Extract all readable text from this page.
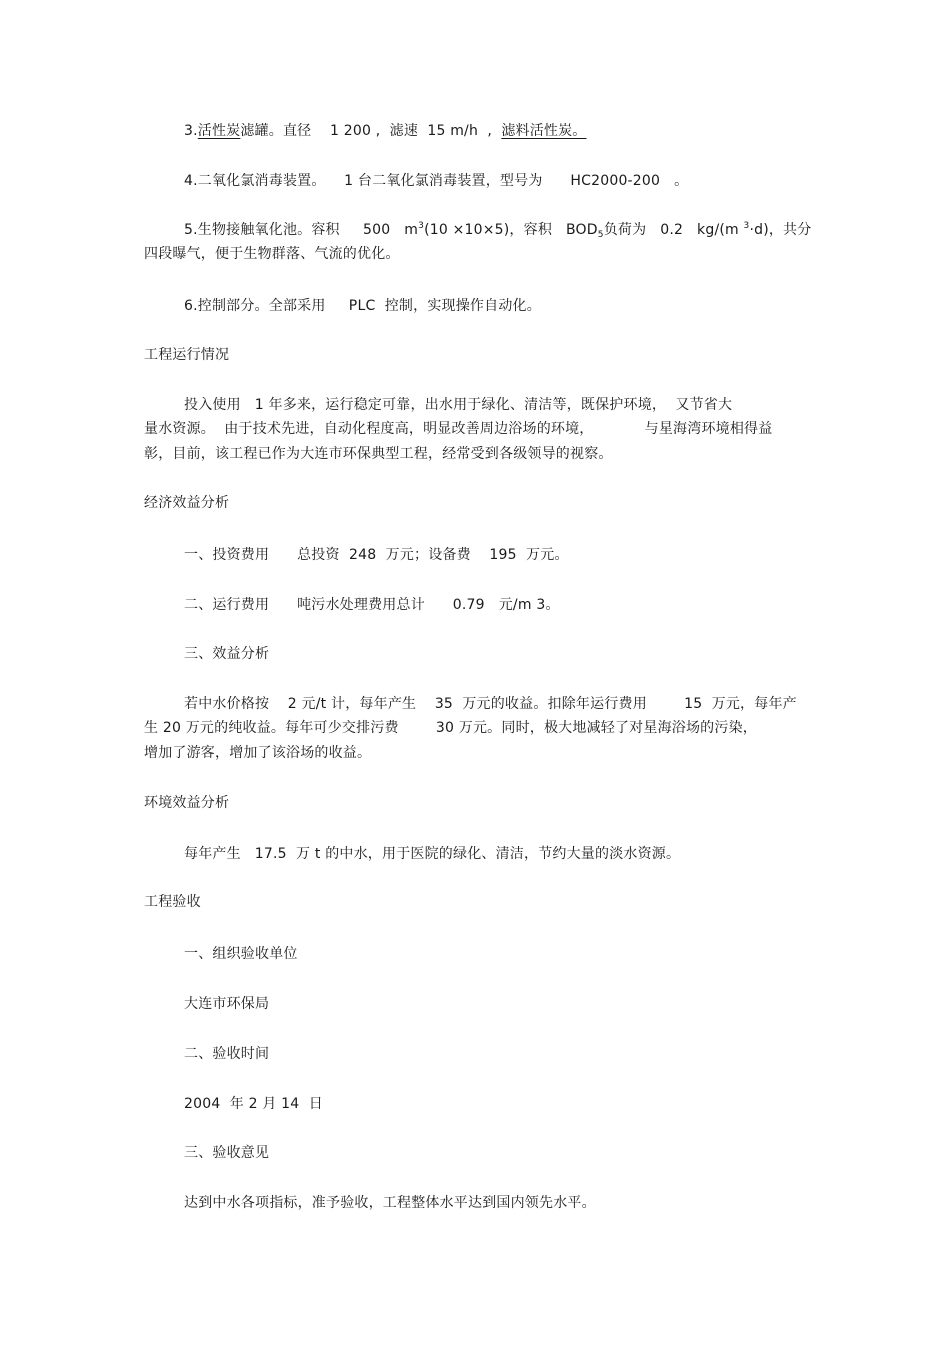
3.活性炭滤罐。直径    1 200 ,  滤速  15 m/h  ,  滤料活性炭。
4.二氧化氯消毒装置。    1 台二氧化氯消毒装置，型号为      HC2000-200   。
5.生物接触氧化池。容积     500   $m^3(10 \times 10\times 5)$，容积   $BOD_5$负荷为   0.2   kg/(m $^3$·d)，共分
四段曝气，便于生物群落、气流的优化。
6.控制部分。全部采用     PLC  控制，实现操作自动化。
工程运行情况
投入使用   1 年多来，运行稳定可靠，出水用于绿化、清洁等，既保护环境，  又节省大
量水资源。  由于技术先进，自动化程度高，明显改善周边浴场的环境，           与星海湾环境相得益
彰，目前，该工程已作为大连市环保典型工程，经常受到各级领导的视察。
经济效益分析
一、投资费用      总投资  248  万元；设备费    195  万元。
二、运行费用      吨污水处理费用总计      0.79   元/m 3。
三、效益分析
若中水价格按    2 元/t 计，每年产生    35  万元的收益。扣除年运行费用        15  万元，每年产
生 20 万元的纯收益。每年可少交排污费        30 万元。同时，极大地减轻了对星海浴场的污染，
增加了游客，增加了该浴场的收益。
环境效益分析
每年产生   17.5  万 t 的中水，用于医院的绿化、清洁，节约大量的淡水资源。
工程验收
一、组织验收单位
大连市环保局
二、验收时间
2004  年 2 月 14  日
三、验收意见
达到中水各项指标，准予验收，工程整体水平达到国内领先水平。
